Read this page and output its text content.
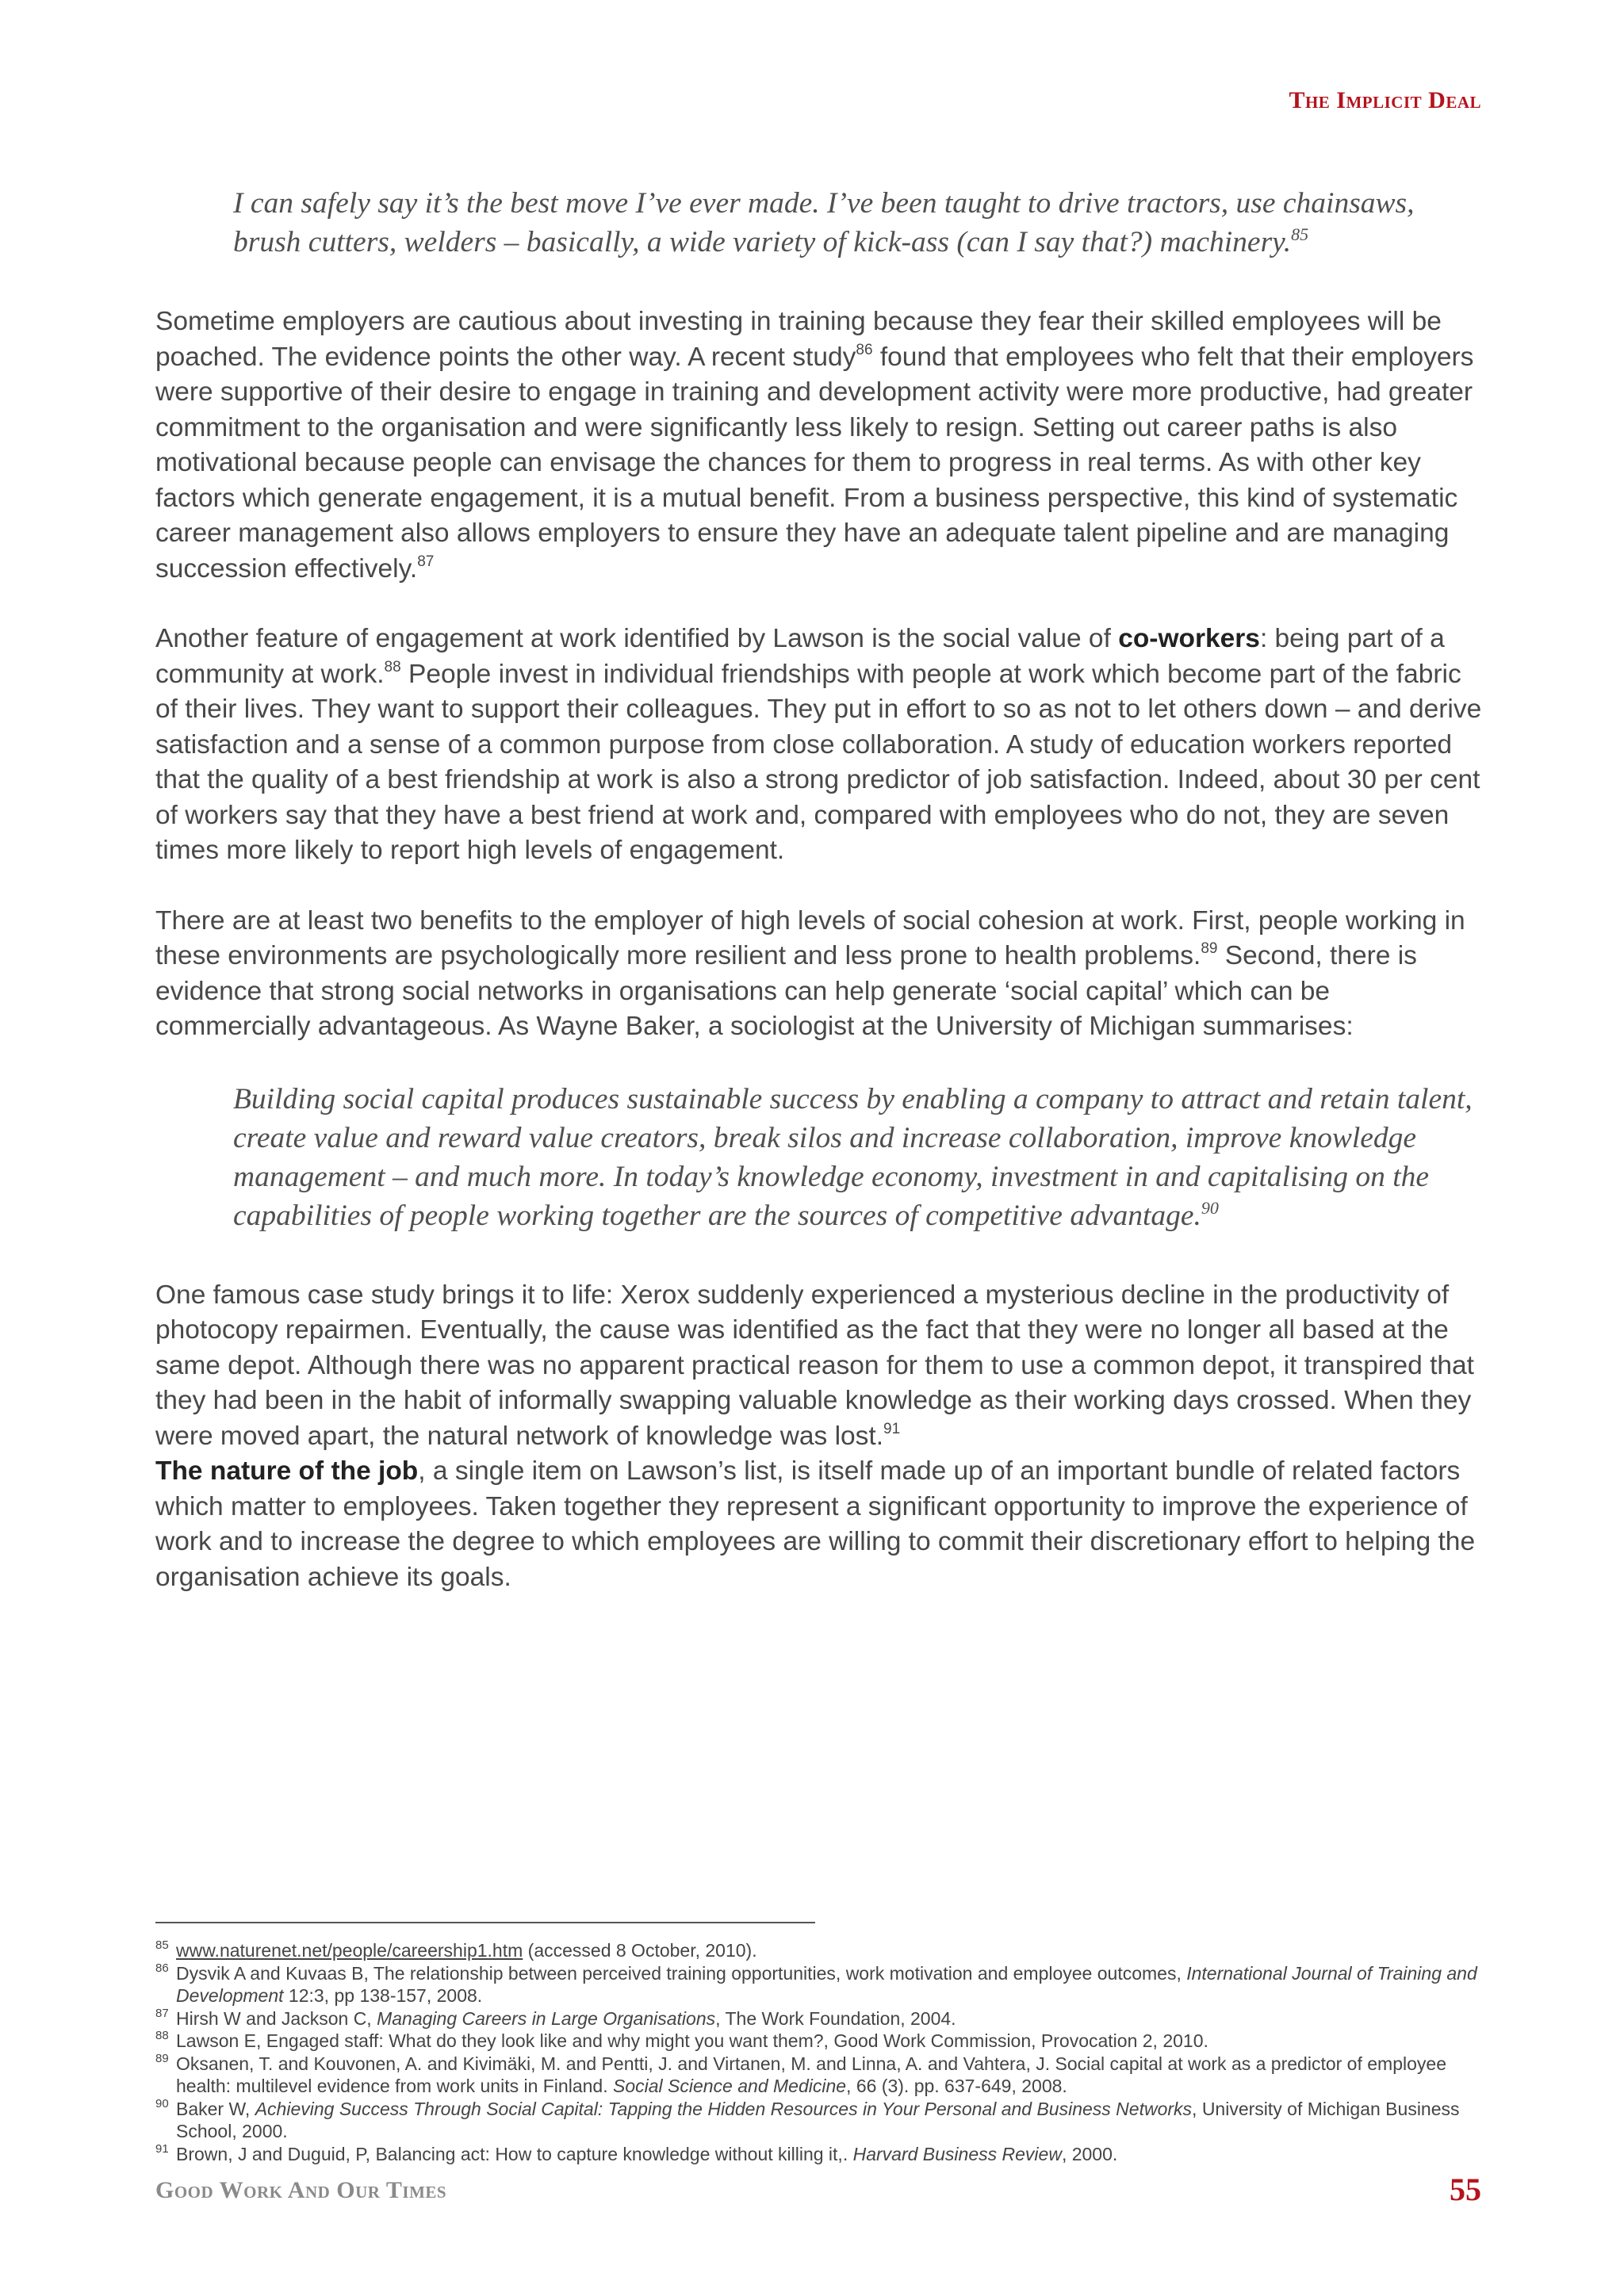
The Implicit Deal
I can safely say it’s the best move I’ve ever made. I’ve been taught to drive tractors, use chainsaws, brush cutters, welders – basically, a wide variety of kick-ass (can I say that?) machinery.$^{85}$

Sometime employers are cautious about investing in training because they fear their skilled employees will be poached. The evidence points the other way. A recent study$^{86}$ found that employees who felt that their employers were supportive of their desire to engage in training and development activity were more productive, had greater commitment to the organisation and were significantly less likely to resign. Setting out career paths is also motivational because people can envisage the chances for them to progress in real terms. As with other key factors which generate engagement, it is a mutual benefit. From a business perspective, this kind of systematic career management also allows employers to ensure they have an adequate talent pipeline and are managing succession effectively.$^{87}$

Another feature of engagement at work identified by Lawson is the social value of co-workers: being part of a community at work.$^{88}$ People invest in individual friendships with people at work which become part of the fabric of their lives. They want to support their colleagues. They put in effort to so as not to let others down – and derive satisfaction and a sense of a common purpose from close collaboration. A study of education workers reported that the quality of a best friendship at work is also a strong predictor of job satisfaction. Indeed, about 30 per cent of workers say that they have a best friend at work and, compared with employees who do not, they are seven times more likely to report high levels of engagement.

There are at least two benefits to the employer of high levels of social cohesion at work. First, people working in these environments are psychologically more resilient and less prone to health problems.$^{89}$ Second, there is evidence that strong social networks in organisations can help generate ‘social capital’ which can be commercially advantageous. As Wayne Baker, a sociologist at the University of Michigan summarises:

Building social capital produces sustainable success by enabling a company to attract and retain talent, create value and reward value creators, break silos and increase collaboration, improve knowledge management – and much more. In today’s knowledge economy, investment in and capitalising on the capabilities of people working together are the sources of competitive advantage.$^{90}$

One famous case study brings it to life: Xerox suddenly experienced a mysterious decline in the productivity of photocopy repairmen. Eventually, the cause was identified as the fact that they were no longer all based at the same depot. Although there was no apparent practical reason for them to use a common depot, it transpired that they had been in the habit of informally swapping valuable knowledge as their working days crossed. When they were moved apart, the natural network of knowledge was lost.$^{91}$
The nature of the job, a single item on Lawson’s list, is itself made up of an important bundle of related factors which matter to employees. Taken together they represent a significant opportunity to improve the experience of work and to increase the degree to which employees are willing to commit their discretionary effort to helping the organisation achieve its goals.

85 www.naturenet.net/people/careership1.htm (accessed 8 October, 2010).
86 Dysvik A and Kuvaas B, The relationship between perceived training opportunities, work motivation and employee outcomes, International Journal of Training and Development 12:3, pp 138-157, 2008.
87 Hirsh W and Jackson C, Managing Careers in Large Organisations, The Work Foundation, 2004.
88 Lawson E, Engaged staff: What do they look like and why might you want them?, Good Work Commission, Provocation 2, 2010.
89 Oksanen, T. and Kouvonen, A. and Kivimäki, M. and Pentti, J. and Virtanen, M. and Linna, A. and Vahtera, J. Social capital at work as a predictor of employee health: multilevel evidence from work units in Finland. Social Science and Medicine, 66 (3). pp. 637-649, 2008.
90 Baker W, Achieving Success Through Social Capital: Tapping the Hidden Resources in Your Personal and Business Networks, University of Michigan Business School, 2000.
91 Brown, J and Duguid, P, Balancing act: How to capture knowledge without killing it,. Harvard Business Review, 2000.
Good Work And Our Times	55
